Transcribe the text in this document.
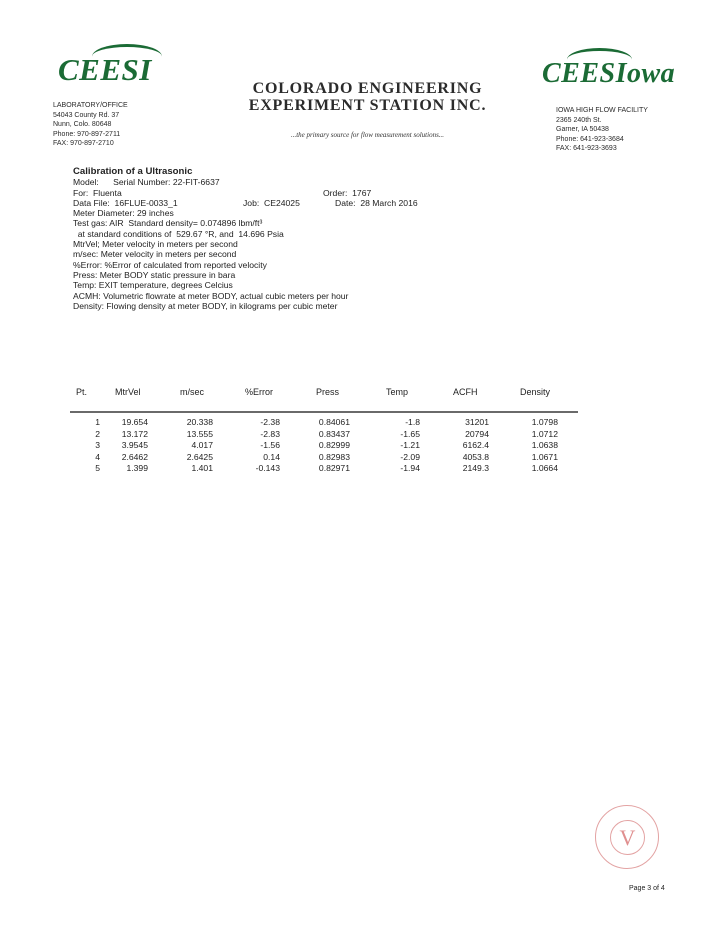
CEESI
LABORATORY/OFFICE
54043 County Rd. 37
Nunn, Colo. 80648
Phone: 970-897-2711
FAX: 970-897-2710
COLORADO ENGINEERING
EXPERIMENT STATION INC.
...the primary source for flow measurement solutions...
CEESIowa
IOWA HIGH FLOW FACILITY
2365 240th St.
Garner, IA 50438
Phone: 641-923-3684
FAX: 641-923-3693
Calibration of a Ultrasonic
Model:      Serial Number: 22-FIT-6637
For:  Fluenta	Order:  1767
Data File:  16FLUE-0033_1	Job:  CE24025	Date:  28 March 2016
Meter Diameter: 29 inches
Test gas: AIR  Standard density= 0.074896 lbm/ft³
at standard conditions of  529.67 °R, and  14.696 Psia
MtrVel; Meter velocity in meters per second
m/sec: Meter velocity in meters per second
%Error: %Error of calculated from reported velocity
Press: Meter BODY static pressure in bara
Temp: EXIT temperature, degrees Celcius
ACMH: Volumetric flowrate at meter BODY, actual cubic meters per hour
Density: Flowing density at meter BODY, in kilograms per cubic meter
Pt.	MtrVel	m/sec	%Error	Press	Temp	ACFH	Density
1	19.654	20.338	-2.38	0.84061	-1.8	31201	1.0798
2	13.172	13.555	-2.83	0.83437	-1.65	20794	1.0712
3	3.9545	4.017	-1.56	0.82999	-1.21	6162.4	1.0638
4	2.6462	2.6425	0.14	0.82983	-2.09	4053.8	1.0671
5	1.399	1.401	-0.143	0.82971	-1.94	2149.3	1.0664
V
Page 3 of 4
